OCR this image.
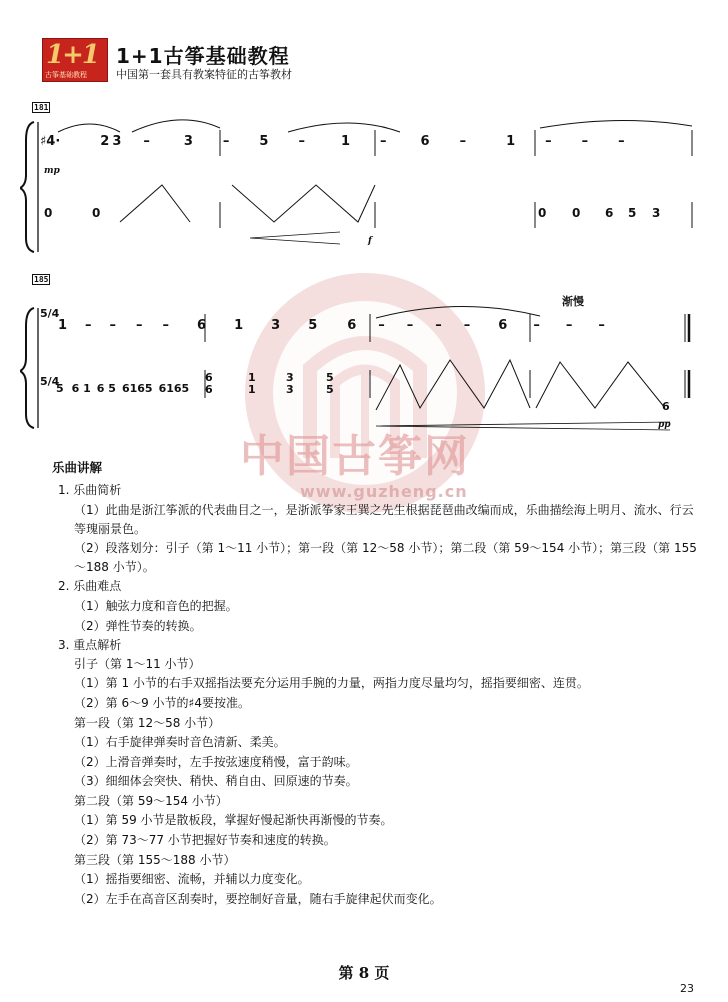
中国古筝网
www.guzheng.cn
1+1
古筝基础教程
1+1古筝基础教程
中国第一套具有教案特征的古筝教材
181
♯4·	2 3 –	3 – 5 –	1 –	6 –	1 – – –
mp
0	0	0 0 6 5 3
f
185
渐慢
5/4
5/4
1 – – – – 6 1 3 5 6 – – – – 6 – – –
5 6 1 6 5 6165 6165
6
6
1
1
3
3
5
5
6
pp
乐曲讲解
1. 乐曲简析

（1）此曲是浙江筝派的代表曲目之一，是浙派筝家王巽之先生根据琵琶曲改编而成，乐曲描绘海上明月、流水、行云等瑰丽景色。

（2）段落划分：引子（第 1～11 小节）；第一段（第 12～58 小节）；第二段（第 59～154 小节）；第三段（第 155～188 小节）。

2. 乐曲难点

（1）触弦力度和音色的把握。

（2）弹性节奏的转换。

3. 重点解析
引子（第 1～11 小节）

（1）第 1 小节的右手双摇指法要充分运用手腕的力量，两指力度尽量均匀，摇指要细密、连贯。

（2）第 6～9 小节的♯4要按准。

第一段（第 12～58 小节）

（1）右手旋律弹奏时音色清新、柔美。

（2）上滑音弹奏时，左手按弦速度稍慢，富于韵味。

（3）细细体会突快、稍快、稍自由、回原速的节奏。

第二段（第 59～154 小节）

（1）第 59 小节是散板段，掌握好慢起渐快再渐慢的节奏。

（2）第 73～77 小节把握好节奏和速度的转换。

第三段（第 155～188 小节）

（1）摇指要细密、流畅，并辅以力度变化。

（2）左手在高音区刮奏时，要控制好音量，随右手旋律起伏而变化。

第 8 页
23
